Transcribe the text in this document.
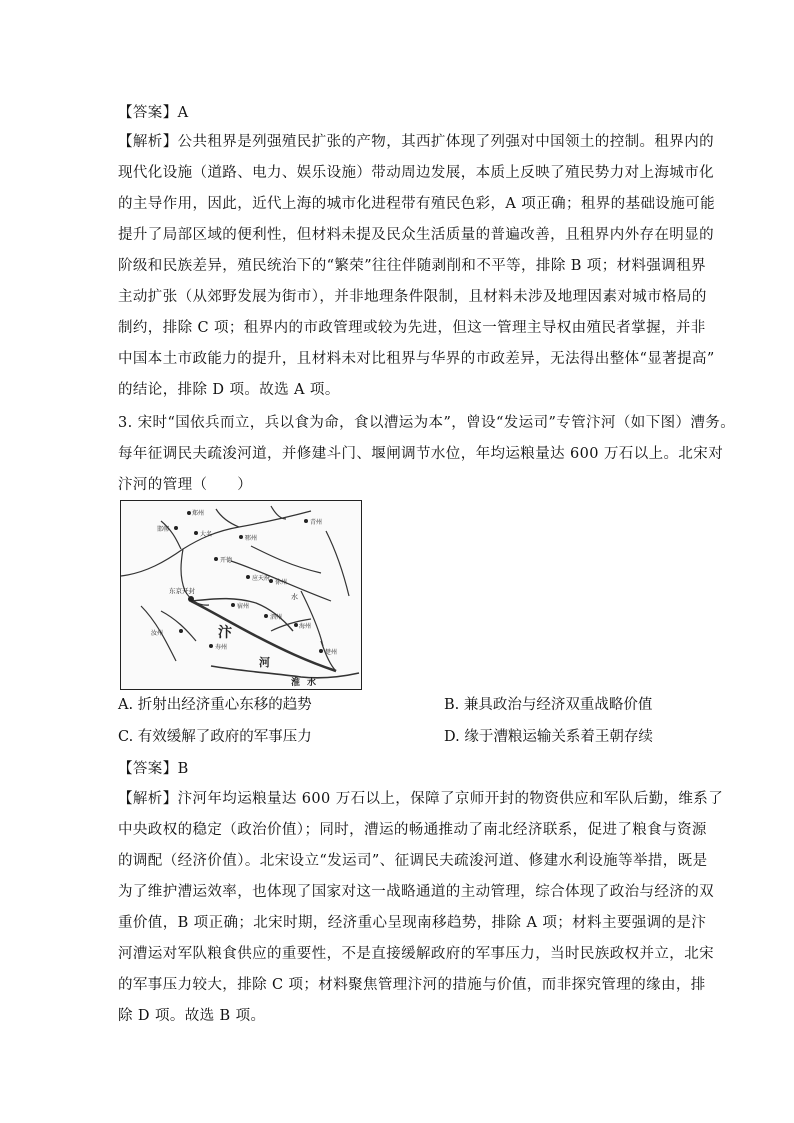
【答案】A
【解析】公共租界是列强殖民扩张的产物，其西扩体现了列强对中国领土的控制。租界内的
现代化设施（道路、电力、娱乐设施）带动周边发展，本质上反映了殖民势力对上海城市化
的主导作用，因此，近代上海的城市化进程带有殖民色彩，A 项正确；租界的基础设施可能
提升了局部区域的便利性，但材料未提及民众生活质量的普遍改善，且租界内外存在明显的
阶级和民族差异，殖民统治下的“繁荣”往往伴随剥削和不平等，排除 B 项；材料强调租界
主动扩张（从郊野发展为街市），并非地理条件限制，且材料未涉及地理因素对城市格局的
制约，排除 C 项；租界内的市政管理或较为先进，但这一管理主导权由殖民者掌握，并非
中国本土市政能力的提升，且材料未对比租界与华界的市政差异，无法得出整体“显著提高”
的结论，排除 D 项。故选 A 项。
3. 宋时“国依兵而立，兵以食为命，食以漕运为本”，曾设“发运司”专管汴河（如下图）漕务。
每年征调民夫疏浚河道，并修建斗门、堰闸调节水位，年均运粮量达 600 万石以上。北宋对
汴河的管理（　　）
郑州
邯郸
大名
郓州
青州
开德
应天府
徐州
宿州
泗州
汝州
寿州
楚州
海州
东京开封
汴
河
淮 水
水
A. 折射出经济重心东移的趋势	B. 兼具政治与经济双重战略价值
C. 有效缓解了政府的军事压力	D. 缘于漕粮运输关系着王朝存续
【答案】B
【解析】汴河年均运粮量达 600 万石以上，保障了京师开封的物资供应和军队后勤，维系了
中央政权的稳定（政治价值）；同时，漕运的畅通推动了南北经济联系，促进了粮食与资源
的调配（经济价值）。北宋设立“发运司”、征调民夫疏浚河道、修建水利设施等举措，既是
为了维护漕运效率，也体现了国家对这一战略通道的主动管理，综合体现了政治与经济的双
重价值，B 项正确；北宋时期，经济重心呈现南移趋势，排除 A 项；材料主要强调的是汴
河漕运对军队粮食供应的重要性，不是直接缓解政府的军事压力，当时民族政权并立，北宋
的军事压力较大，排除 C 项；材料聚焦管理汴河的措施与价值，而非探究管理的缘由，排
除 D 项。故选 B 项。
